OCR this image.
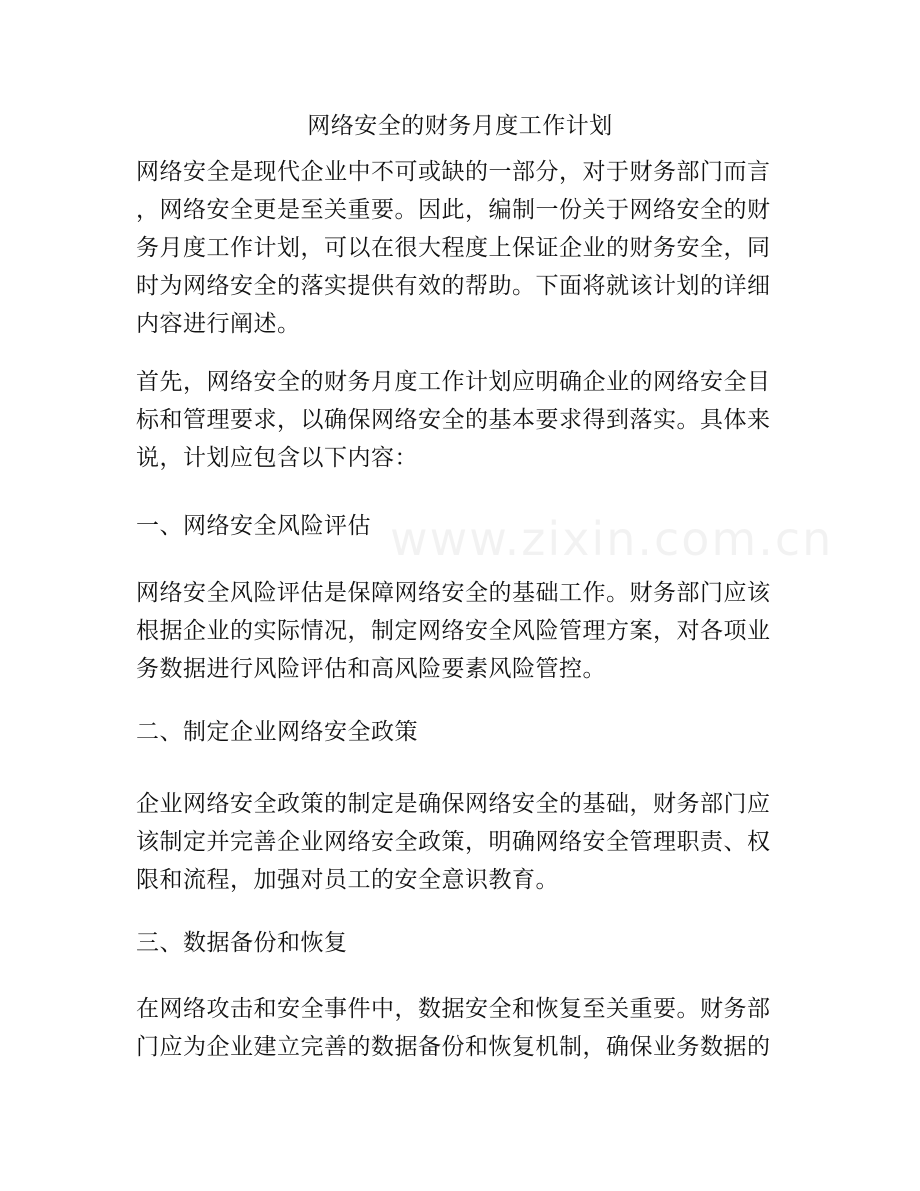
www.zixin.com.cn
网络安全的财务月度工作计划
网络安全是现代企业中不可或缺的一部分，对于财务部门而言
，网络安全更是至关重要。因此，编制一份关于网络安全的财
务月度工作计划，可以在很大程度上保证企业的财务安全，同
时为网络安全的落实提供有效的帮助。下面将就该计划的详细
内容进行阐述。
首先，网络安全的财务月度工作计划应明确企业的网络安全目
标和管理要求，以确保网络安全的基本要求得到落实。具体来
说，计划应包含以下内容：
一、网络安全风险评估
网络安全风险评估是保障网络安全的基础工作。财务部门应该
根据企业的实际情况，制定网络安全风险管理方案，对各项业
务数据进行风险评估和高风险要素风险管控。
二、制定企业网络安全政策
企业网络安全政策的制定是确保网络安全的基础，财务部门应
该制定并完善企业网络安全政策，明确网络安全管理职责、权
限和流程，加强对员工的安全意识教育。
三、数据备份和恢复
在网络攻击和安全事件中，数据安全和恢复至关重要。财务部
门应为企业建立完善的数据备份和恢复机制，确保业务数据的
